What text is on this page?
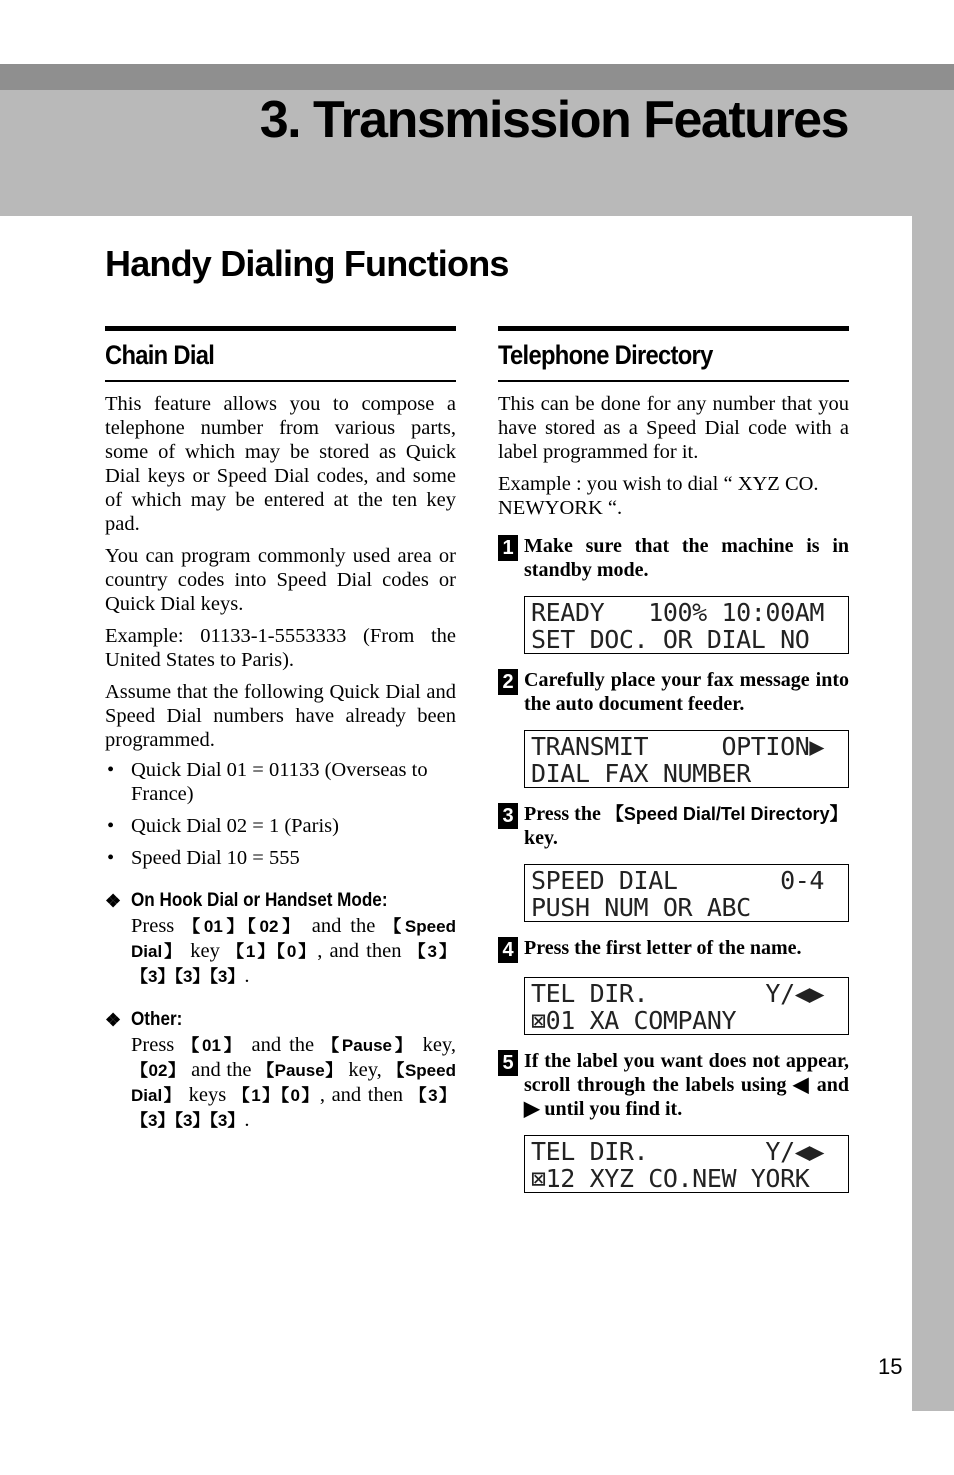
3. Transmission Features
Handy Dialing Functions
Chain Dial

This feature allows you to compose a telephone number from various parts, some of which may be stored as Quick Dial keys or Speed Dial codes, and some of which may be entered at the ten key pad.

You can program commonly used area or country codes into Speed Dial codes or Quick Dial keys.

Example: 01133-1-5553333 (From the United States to Paris).

Assume that the following Quick Dial and Speed Dial numbers have already been programmed.

• Quick Dial 01 = 01133 (Overseas to France)
• Quick Dial 02 = 1 (Paris)
• Speed Dial 10 = 555
❖ On Hook Dial or Handset Mode:
Press 【01】【02】 and the 【Speed Dial】 key 【1】【0】, and then 【3】【3】【3】【3】.
❖ Other:
Press 【01】 and the 【Pause】 key, 【02】 and the 【Pause】 key, 【Speed Dial】 keys 【1】【0】, and then 【3】【3】【3】【3】.
Telephone Directory

This can be done for any number that you have stored as a Speed Dial code with a label programmed for it.

Example : you wish to dial “ XYZ CO. NEWYORK “.

1 Make sure that the machine is in standby mode.
READY   100% 10:00AM
SET DOC. OR DIAL NO
2 Carefully place your fax message into the auto document feeder.
TRANSMIT     OPTION▶
DIAL FAX NUMBER
3 Press the 【Speed Dial/Tel Directory】 key.
SPEED DIAL       0-4
PUSH NUM OR ABC
4 Press the first letter of the name.
TEL DIR.        Y/◀▶
⊠01 XA COMPANY
5 If the label you want does not appear, scroll through the labels using ◀ and ▶ until you find it.
TEL DIR.        Y/◀▶
⊠12 XYZ CO.NEW YORK
15
